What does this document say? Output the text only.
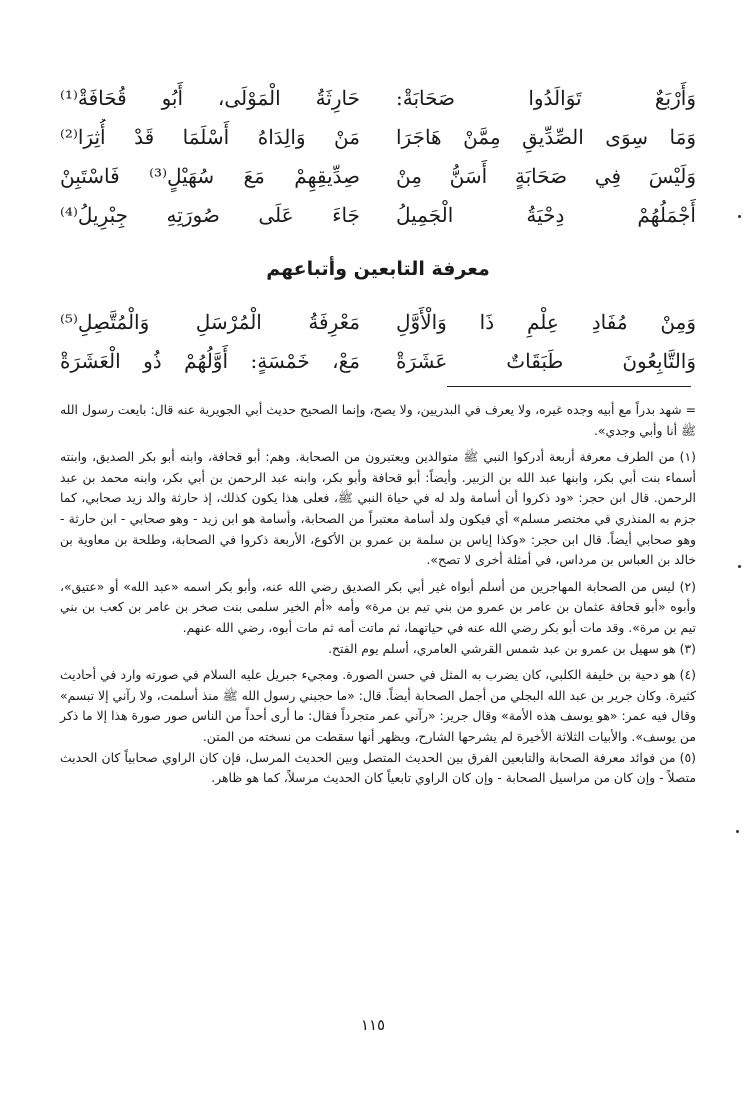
وَأَرْبَعٌ تَوَالَدُوا صَحَابَةْ:
حَارِثَةُ الْمَوْلَى، أَبُو قُحَافَةْ⁽¹⁾
وَمَا سِوَى الصِّدِّيقِ مِمَّنْ هَاجَرَا
مَنْ وَالِدَاهُ أَسْلَمَا قَدْ أُثِرَا⁽²⁾
وَلَيْسَ فِي صَحَابَةٍ أَسَنُّ مِنْ
صِدِّيقِهِمْ مَعَ سُهَيْلٍ⁽³⁾ فَاسْتَبِنْ
أَجْمَلُهُمْ دِحْيَةُ الْجَمِيلُ
جَاءَ عَلَى صُورَتِهِ جِبْرِيلُ⁽⁴⁾
معرفة التابعين وأتباعهم
وَمِنْ مُفَادِ عِلْمِ ذَا وَالْأَوَّلِ
مَعْرِفَةُ الْمُرْسَلِ وَالْمُتَّصِلِ⁽⁵⁾
وَالتَّابِعُونَ طَبَقَاتٌ عَشَرَةْ
مَعْ، خَمْسَةٍ: أَوَّلُهُمْ ذُو الْعَشَرَةْ

= شهد بدراً مع أبيه وجده غيره، ولا يعرف في البدريين، ولا يصح، وإنما الصحيح حديث أبي الجويرية عنه قال: بايعت رسول الله ﷺ أنا وأبي وجدي».

(١) من الطرف معرفة أربعة أدركوا النبي ﷺ متوالدين ويعتبرون من الصحابة. وهم: أبو قحافة، وابنه أبو بكر الصديق، وابنته أسماء بنت أبي بكر، وابنها عبد الله بن الزبير. وأيضاً: أبو قحافة وأبو بكر، وابنه عبد الرحمن بن أبي بكر، وابنه محمد بن عبد الرحمن. قال ابن حجر: «ود ذكروا أن أسامة ولد له في حياة النبي ﷺ، فعلى هذا يكون كذلك، إذ حارثة والد زيد صحابي، كما جزم به المنذري في مختصر مسلم» أي فيكون ولد أسامة معتبراً من الصحابة، وأسامة هو ابن زيد - وهو صحابي - ابن حارثة - وهو صحابي أيضاً. قال ابن حجر: «وكذا إياس بن سلمة بن عمرو بن الأكوع، الأربعة ذكروا في الصحابة، وطلحة بن معاوية بن خالد بن العباس بن مرداس، في أمثلة أخرى لا تصح».

(٢) ليس من الصحابة المهاجرين من أسلم أبواه غير أبي بكر الصديق رضي الله عنه، وأبو بكر اسمه «عبد الله» أو «عتيق»، وأبوه «أبو قحافة عثمان بن عامر بن عمرو من بني تيم بن مرة» وأمه «أم الخير سلمى بنت صخر بن عامر بن كعب بن بني تيم بن مرة». وقد مات أبو بكر رضي الله عنه في حياتهما، ثم ماتت أمه ثم مات أبوه، رضي الله عنهم.

(٣) هو سهيل بن عمرو بن عبد شمس القرشي العامري، أسلم يوم الفتح.

(٤) هو دحية بن خليفة الكلبي، كان يضرب به المثل في حسن الصورة. ومجيء جبريل عليه السلام في صورته وارد في أحاديث كثيرة. وكان جرير بن عبد الله البجلي من أجمل الصحابة أيضاً. قال: «ما حجبني رسول الله ﷺ منذ أسلمت، ولا رآني إلا تبسم» وقال فيه عمر: «هو يوسف هذه الأمة» وقال جرير: «رآني عمر متجرداً فقال: ما أرى أحداً من الناس صور صورة هذا إلا ما ذكر من يوسف». والأبيات الثلاثة الأخيرة لم يشرحها الشارح، ويظهر أنها سقطت من نسخته من المتن.

(٥) من فوائد معرفة الصحابة والتابعين الفرق بين الحديث المتصل وبين الحديث المرسل، فإن كان الراوي صحابياً كان الحديث متصلاً - وإن كان من مراسيل الصحابة - وإن كان الراوي تابعياً كان الحديث مرسلاً، كما هو ظاهر.

١١٥
